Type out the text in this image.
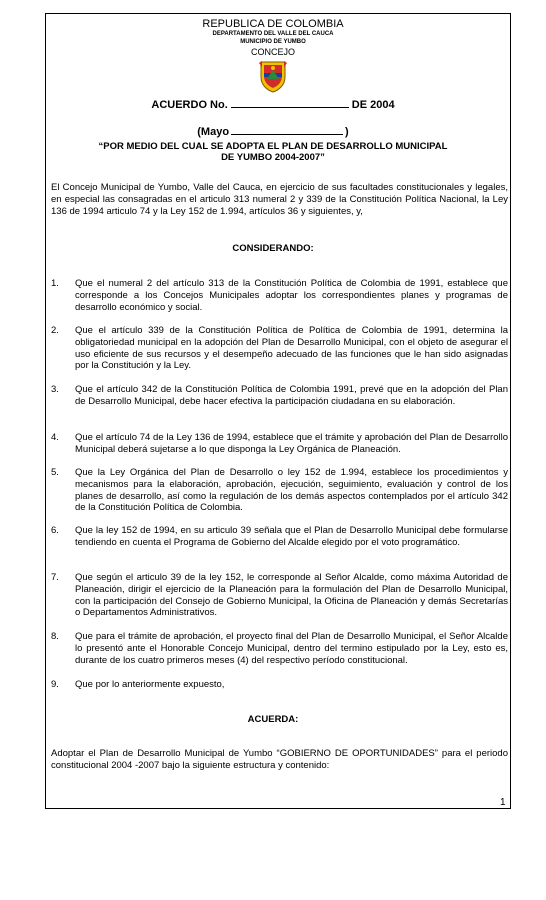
REPUBLICA DE COLOMBIA
DEPARTAMENTO DEL VALLE DEL CAUCA
MUNICIPIO DE YUMBO
CONCEJO
ACUERDO No.	DE 2004
(Mayo	)
“POR MEDIO DEL CUAL SE ADOPTA EL PLAN DE DESARROLLO MUNICIPAL
DE YUMBO 2004-2007”
El Concejo Municipal de Yumbo, Valle del Cauca, en ejercicio de sus facultades constitucionales y legales, en especial las consagradas en el articulo 313 numeral 2 y 339 de la Constitución Política Nacional, la Ley 136 de 1994 articulo 74 y la Ley 152 de 1.994, artículos 36 y siguientes, y,
CONSIDERANDO:
1.	Que el numeral 2 del artículo 313 de la Constitución Política de Colombia de 1991, establece que corresponde a los Concejos Municipales adoptar los correspondientes planes y programas de desarrollo económico y social.
2.	Que el artículo 339 de la Constitución Política de Política de Colombia de 1991, determina la obligatoriedad municipal en la adopción del Plan de Desarrollo Municipal, con el objeto de asegurar el uso eficiente de sus recursos y el desempeño adecuado de las funciones que le han sido asignadas por la Constitución y la Ley.
3.	Que el artículo 342 de la Constitución Política de Colombia 1991, prevé que en la adopción del Plan de Desarrollo Municipal, debe hacer efectiva la participación ciudadana en su elaboración.
4.	Que el artículo 74 de la Ley 136 de 1994, establece que el trámite y aprobación del Plan de Desarrollo Municipal deberá sujetarse a lo que disponga la Ley Orgánica de Planeación.
5.	Que la Ley Orgánica del Plan de Desarrollo o ley 152 de 1.994, establece los procedimientos y mecanismos para la elaboración, aprobación, ejecución, seguimiento, evaluación y control de los planes de desarrollo, así como la regulación de los demás aspectos contemplados por el artículo 342 de la Constitución Política de Colombia.
6.	Que la ley 152 de 1994, en su articulo 39 señala que el Plan de Desarrollo Municipal debe formularse tendiendo en cuenta el Programa de Gobierno del Alcalde elegido por el voto programático.
7.	Que según el articulo 39 de la ley 152, le corresponde al Señor Alcalde, como máxima Autoridad de Planeación, dirigir el ejercicio de la Planeación para la formulación del Plan de Desarrollo Municipal, con la participación del Consejo de Gobierno Municipal, la Oficina de Planeación y demás Secretarías o Departamentos Administrativos.
8.	Que para el trámite de aprobación, el proyecto final del Plan de Desarrollo Municipal, el Señor Alcalde lo presentó ante el Honorable Concejo Municipal, dentro del termino estipulado por la Ley, esto es, durante de los cuatro primeros meses (4) del respectivo período constitucional.
9.	Que por lo anteriormente expuesto,
ACUERDA:
Adoptar el Plan de Desarrollo Municipal de Yumbo “GOBIERNO DE OPORTUNIDADES” para el periodo constitucional 2004 -2007 bajo la siguiente estructura y contenido:
1
